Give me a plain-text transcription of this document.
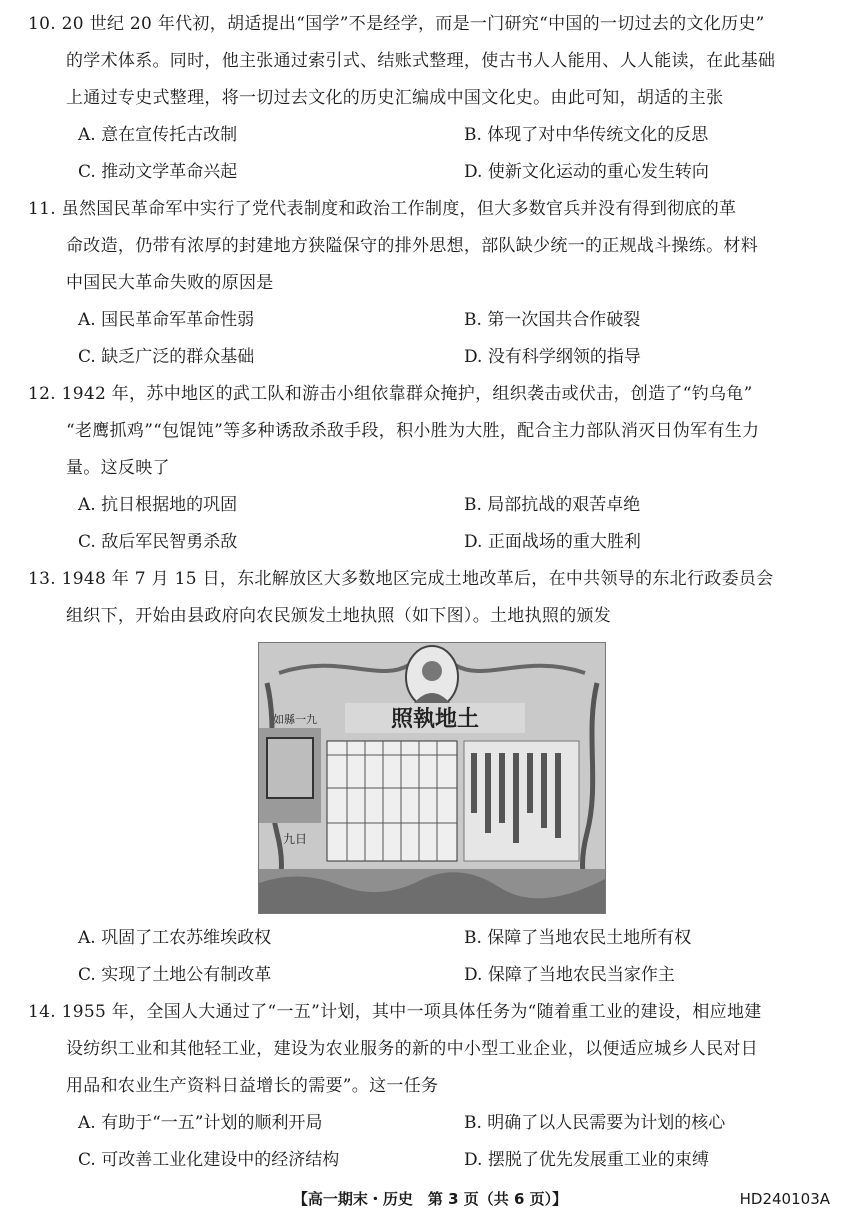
10. 20 世纪 20 年代初，胡适提出“国学”不是经学，而是一门研究“中国的一切过去的文化历史”
的学术体系。同时，他主张通过索引式、结账式整理，使古书人人能用、人人能读，在此基础
上通过专史式整理，将一切过去文化的历史汇编成中国文化史。由此可知，胡适的主张
A. 意在宣传托古改制	B. 体现了对中华传统文化的反思
C. 推动文学革命兴起	D. 使新文化运动的重心发生转向
11. 虽然国民革命军中实行了党代表制度和政治工作制度，但大多数官兵并没有得到彻底的革
命改造，仍带有浓厚的封建地方狭隘保守的排外思想，部队缺少统一的正规战斗操练。材料
中国民大革命失败的原因是
A. 国民革命军革命性弱	B. 第一次国共合作破裂
C. 缺乏广泛的群众基础	D. 没有科学纲领的指导
12. 1942 年，苏中地区的武工队和游击小组依靠群众掩护，组织袭击或伏击，创造了“钓乌龟”
“老鹰抓鸡”“包馄饨”等多种诱敌杀敌手段，积小胜为大胜，配合主力部队消灭日伪军有生力
量。这反映了
A. 抗日根据地的巩固	B. 局部抗战的艰苦卓绝
C. 敌后军民智勇杀敌	D. 正面战场的重大胜利
13. 1948 年 7 月 15 日，东北解放区大多数地区完成土地改革后，在中共领导的东北行政委员会
组织下，开始由县政府向农民颁发土地执照（如下图）。土地执照的颁发
照執地土
如縣一九
九日
A. 巩固了工农苏维埃政权	B. 保障了当地农民土地所有权
C. 实现了土地公有制改革	D. 保障了当地农民当家作主
14. 1955 年，全国人大通过了“一五”计划，其中一项具体任务为“随着重工业的建设，相应地建
设纺织工业和其他轻工业，建设为农业服务的新的中小型工业企业，以便适应城乡人民对日
用品和农业生产资料日益增长的需要”。这一任务
A. 有助于“一五”计划的顺利开局	B. 明确了以人民需要为计划的核心
C. 可改善工业化建设中的经济结构	D. 摆脱了优先发展重工业的束缚
【高一期末・历史　第 3 页（共 6 页）】	HD240103A
